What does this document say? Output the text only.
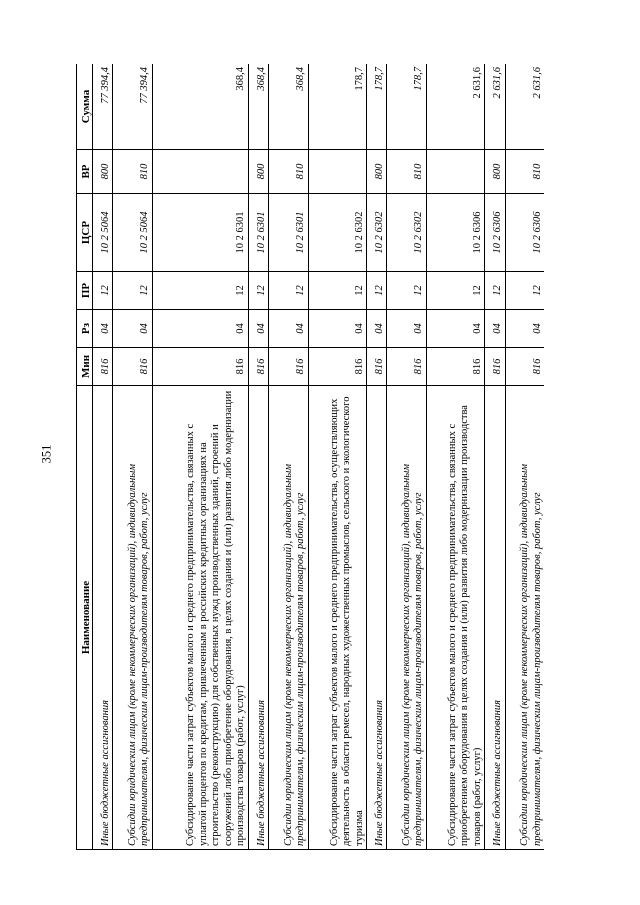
351
Наименование	Мин	Рз	ПР	ЦСР	ВР	Сумма
Иные бюджетные ассигнования	816	04	12	10 2 5064	800	77 394,4
Субсидии юридическим лицам (кроме некоммерческих организаций), индивидуальным предпринимателям, физическим лицам-производителям товаров, работ, услуг	816	04	12	10 2 5064	810	77 394,4
Субсидирование части затрат субъектов малого и среднего предпринимательства, связанных с уплатой процентов по кредитам, привлеченным в российских кредитных организациях на строительство (реконструкцию) для собственных нужд производственных зданий, строений и сооружений либо приобретение оборудования, в целях создания и (или) развития либо модернизации производства товаров (работ, услуг)	816	04	12	10 2 6301		368,4
Иные бюджетные ассигнования	816	04	12	10 2 6301	800	368,4
Субсидии юридическим лицам (кроме некоммерческих организаций), индивидуальным предпринимателям, физическим лицам-производителям товаров, работ, услуг	816	04	12	10 2 6301	810	368,4
Субсидирование части затрат субъектов малого и среднего предпринимательства, осуществляющих деятельность в области ремесел, народных художественных промыслов, сельского и экологического туризма	816	04	12	10 2 6302		178,7
Иные бюджетные ассигнования	816	04	12	10 2 6302	800	178,7
Субсидии юридическим лицам (кроме некоммерческих организаций), индивидуальным предпринимателям, физическим лицам-производителям товаров, работ, услуг	816	04	12	10 2 6302	810	178,7
Субсидирование части затрат субъектов малого и среднего предпринимательства, связанных с приобретением оборудования в целях создания и (или) развития либо модернизации производства товаров (работ, услуг)	816	04	12	10 2 6306		2 631,6
Иные бюджетные ассигнования	816	04	12	10 2 6306	800	2 631,6
Субсидии юридическим лицам (кроме некоммерческих организаций), индивидуальным предпринимателям, физическим лицам-производителям товаров, работ, услуг	816	04	12	10 2 6306	810	2 631,6
